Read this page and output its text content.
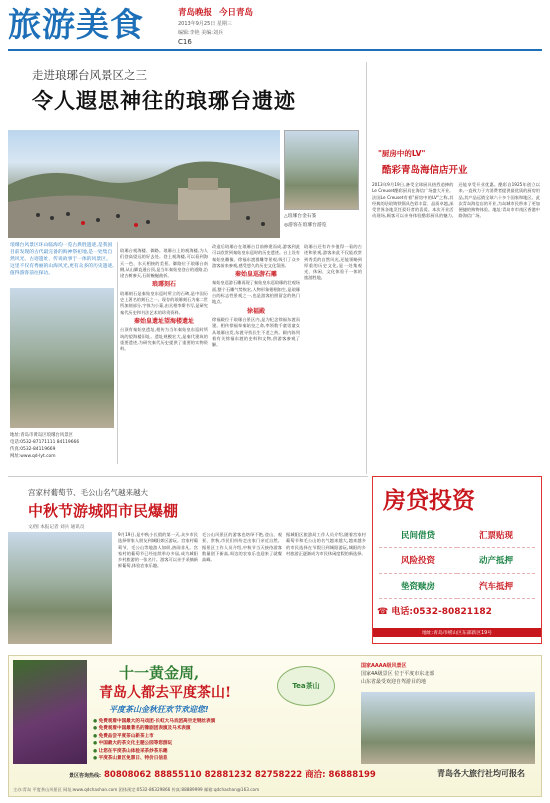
旅游美食	青岛晚报 今日青岛
2013年9月25日 星期三
编辑:李艳 美编:刘兵
C16
走进琅琊台风景区之三
令人遐思神往的琅琊台遗迹
△琅琊台金石篆
◎游客在琅琊台游览
琅琊台风景区环山临海均一览古典胜遗迹,是我国目前发现的古代最完备的海神祭祀地,是一处集自然风光、古迹遗址、传说故事于一体的风景区。这里不仅有秀丽的山海风光,更有众多的历史遗迹,值得游客前往探访。
地址:青岛市黄岛区琅琊台风景区
电话:0532-87171111 84119666
传真:0532-84119669
网址:www.qd-lyt.com
琅琊台观海楼、御路。琅琊台上的观海楼,为人们登高望远的好去处。登上观海楼,可以看到海天一色、水天相接的美景。御路位于琅琊台南侧,从山脚直通台顶,是当年秦始皇登台的道路,沿途古树参天,石阶蜿蜒曲折。
琅琊刻石
琅琊刻石是秦始皇东巡时所立的石碑,是中国历史上著名的刻石之一。现存的琅琊刻石为秦二世所加刻部分,字体为小篆,由丞相李斯书写,是研究秦代历史和书法艺术的珍贵资料。
秦始皇遗址望海楼遗址
台顶有秦始皇遗址,相传为当年秦始皇东巡时所筑的望海楼旧址。遗址规模宏大,是秦代建筑的重要遗迹,为研究秦代历史提供了重要的实物资料。
改造后琅琊台在琅琊台目前修建而成,游客到此可以欣赏到秦始皇东巡时的历史遗迹。台上设有秦始皇雕像、徐福东渡群雕等景观,吸引了众多游客前来参观,感受悠久的历史文化氛围。
秦始皇巡游石雕
秦始皇巡游石雕再现了秦始皇东巡琅琊的壮观场面,整个石雕气势恢宏,人物形象栩栩如生,是琅琊台的标志性景观之一,也是游客拍照留念的热门地点。
徐福殿
徐福殿位于琅琊台景区内,是为纪念徐福东渡而建。相传徐福奉秦始皇之命,率领数千童男童女从琅琊出发,东渡寻找长生不老之药。殿内陈列着有关徐福东渡的史料和文物,供游客参观了解。
琅琊台还有许多值得一看的古迹和景观,游客来此不仅能欣赏到秀美的自然风光,还能领略到厚重的历史文化,是一处集观光、休闲、文化体验于一体的旅游胜地。
"厨房中的LV"
酷彩青岛海信店开业
2013年9月19日,备受全球厨具热烈追捧的Le Creuset酷彩厨具在海信广场盛大开业。法国Le Creuset有着"厨房中的LV"之称,其经典的珐琅铸铁锅具色彩丰富、品质卓越,深受世界各地烹饪爱好者的喜爱。本次开业活动现场,顾客可以亲身体验酷彩厨具的魅力,还能享受开业优惠。酷彩自1925年创立以来,一直致力于为消费者提供最优质的厨房用品,其产品远销全球六十多个国家和地区。此次青岛海信店的开业,为岛城市民带来了更加便捷的购物体验。地址:青岛市市南区香港中路海信广场。
宫家村葡萄节、毛公山名气越来越大
中秋节游城阳市民爆棚
文/图 本报记者 刘兵 通讯员
9月19日,是中秋小长假的第一天,众多市民选择带家人朋友到城阳郊区游玩。宫家村葡萄节、毛公山等地游人如织,热闹非凡。宫家村的葡萄节已经连续举办多届,成为城阳乡村旅游的一张名片。游客可以亲手采摘新鲜葡萄,体验农家乐趣。
毛公山风景区的游客也络绎不绝,登山、观景、赏秋,市民们纷纷走出家门亲近自然。据景区工作人员介绍,中秋节当天接待游客数量创下新高,周边的农家乐也迎来了就餐高峰。
据城阳区旅游局工作人员介绍,随着宫家村葡萄节和毛公山的名气越来越大,越来越多的市民选择在节假日到城阳游玩,城阳的乡村旅游正逐渐成为市民休闲度假的新选择。
房贷投资
民间借贷	汇票贴现
风险投资	动产抵押
垫资赎房	汽车抵押
☎ 电话:0532-80821182
地址:青岛市崂山区东部新区19号
十一黄金周,
青岛人都去平度茶山!
平度茶山金秋狂欢节欢迎您!
Tea茶山
● 免费观看中国最大的马戏团·长虹大马戏团高空走钢丝表演
● 免费观看中国最著名的豫剧团表演及马术表演
● 免费品尝平度茶山新茶上市
● 中国最大的茶文化主题公园等您游玩
● 让您在平度茶山体验采茶炒茶乐趣
● 平度茶山景区免票日、特价日信息
国家AAAA级风景区
国家4A级景区 位于平度市东北部
山东省最受欢迎自驾游目的地
景区咨询热线: 80808062 88855110 82881232 82758222 商洽: 86888199	青岛各大旅行社均可报名
主办:青岛 平度茶山风景区 网址:www.qdchashan.com 团体预定:0532-86329866 传真:88889999 邮箱:qdchashan@163.com
